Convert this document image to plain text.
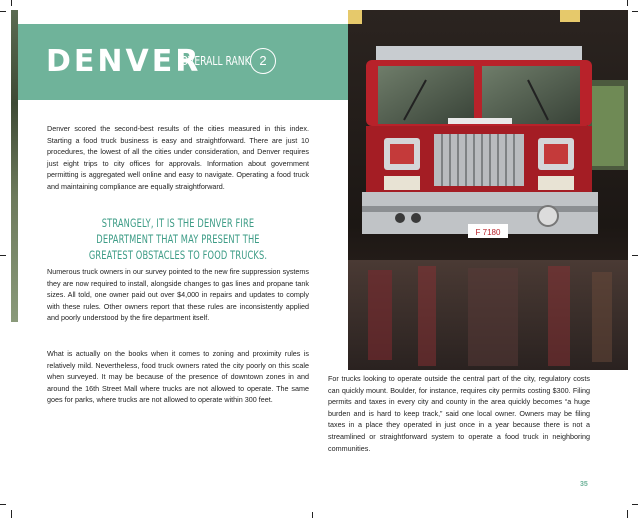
DENVER
OVERALL RANK 2
F 7180

Denver scored the second-best results of the cities measured in this index. Starting a food truck business is easy and straightforward. There are just 10 procedures, the lowest of all the cities under consideration, and Denver requires just eight trips to city offices for approvals. Information about government permitting is aggregated well online and easy to navigate. Operating a food truck and maintaining compliance are equally straightforward.

STRANGELY, IT IS THE DENVER FIRE DEPARTMENT THAT MAY PRESENT THE GREATEST OBSTACLES TO FOOD TRUCKS.

Numerous truck owners in our survey pointed to the new fire suppression systems they are now required to install, alongside changes to gas lines and propane tank sizes. All told, one owner paid out over $4,000 in repairs and updates to comply with these rules. Other owners report that these rules are inconsistently applied and poorly understood by the fire department itself.

What is actually on the books when it comes to zoning and proximity rules is relatively mild. Nevertheless, food truck owners rated the city poorly on this scale when surveyed. It may be because of the presence of downtown zones in and around the 16th Street Mall where trucks are not allowed to operate. The same goes for parks, where trucks are not allowed to operate within 300 feet.

For trucks looking to operate outside the central part of the city, regulatory costs can quickly mount. Boulder, for instance, requires city permits costing $300. Filing permits and taxes in every city and county in the area quickly becomes “a huge burden and is hard to keep track,” said one local owner. Owners may be filing taxes in a place they operated in just once in a year because there is not a streamlined or straightforward system to operate a food truck in neighboring communities.

35
